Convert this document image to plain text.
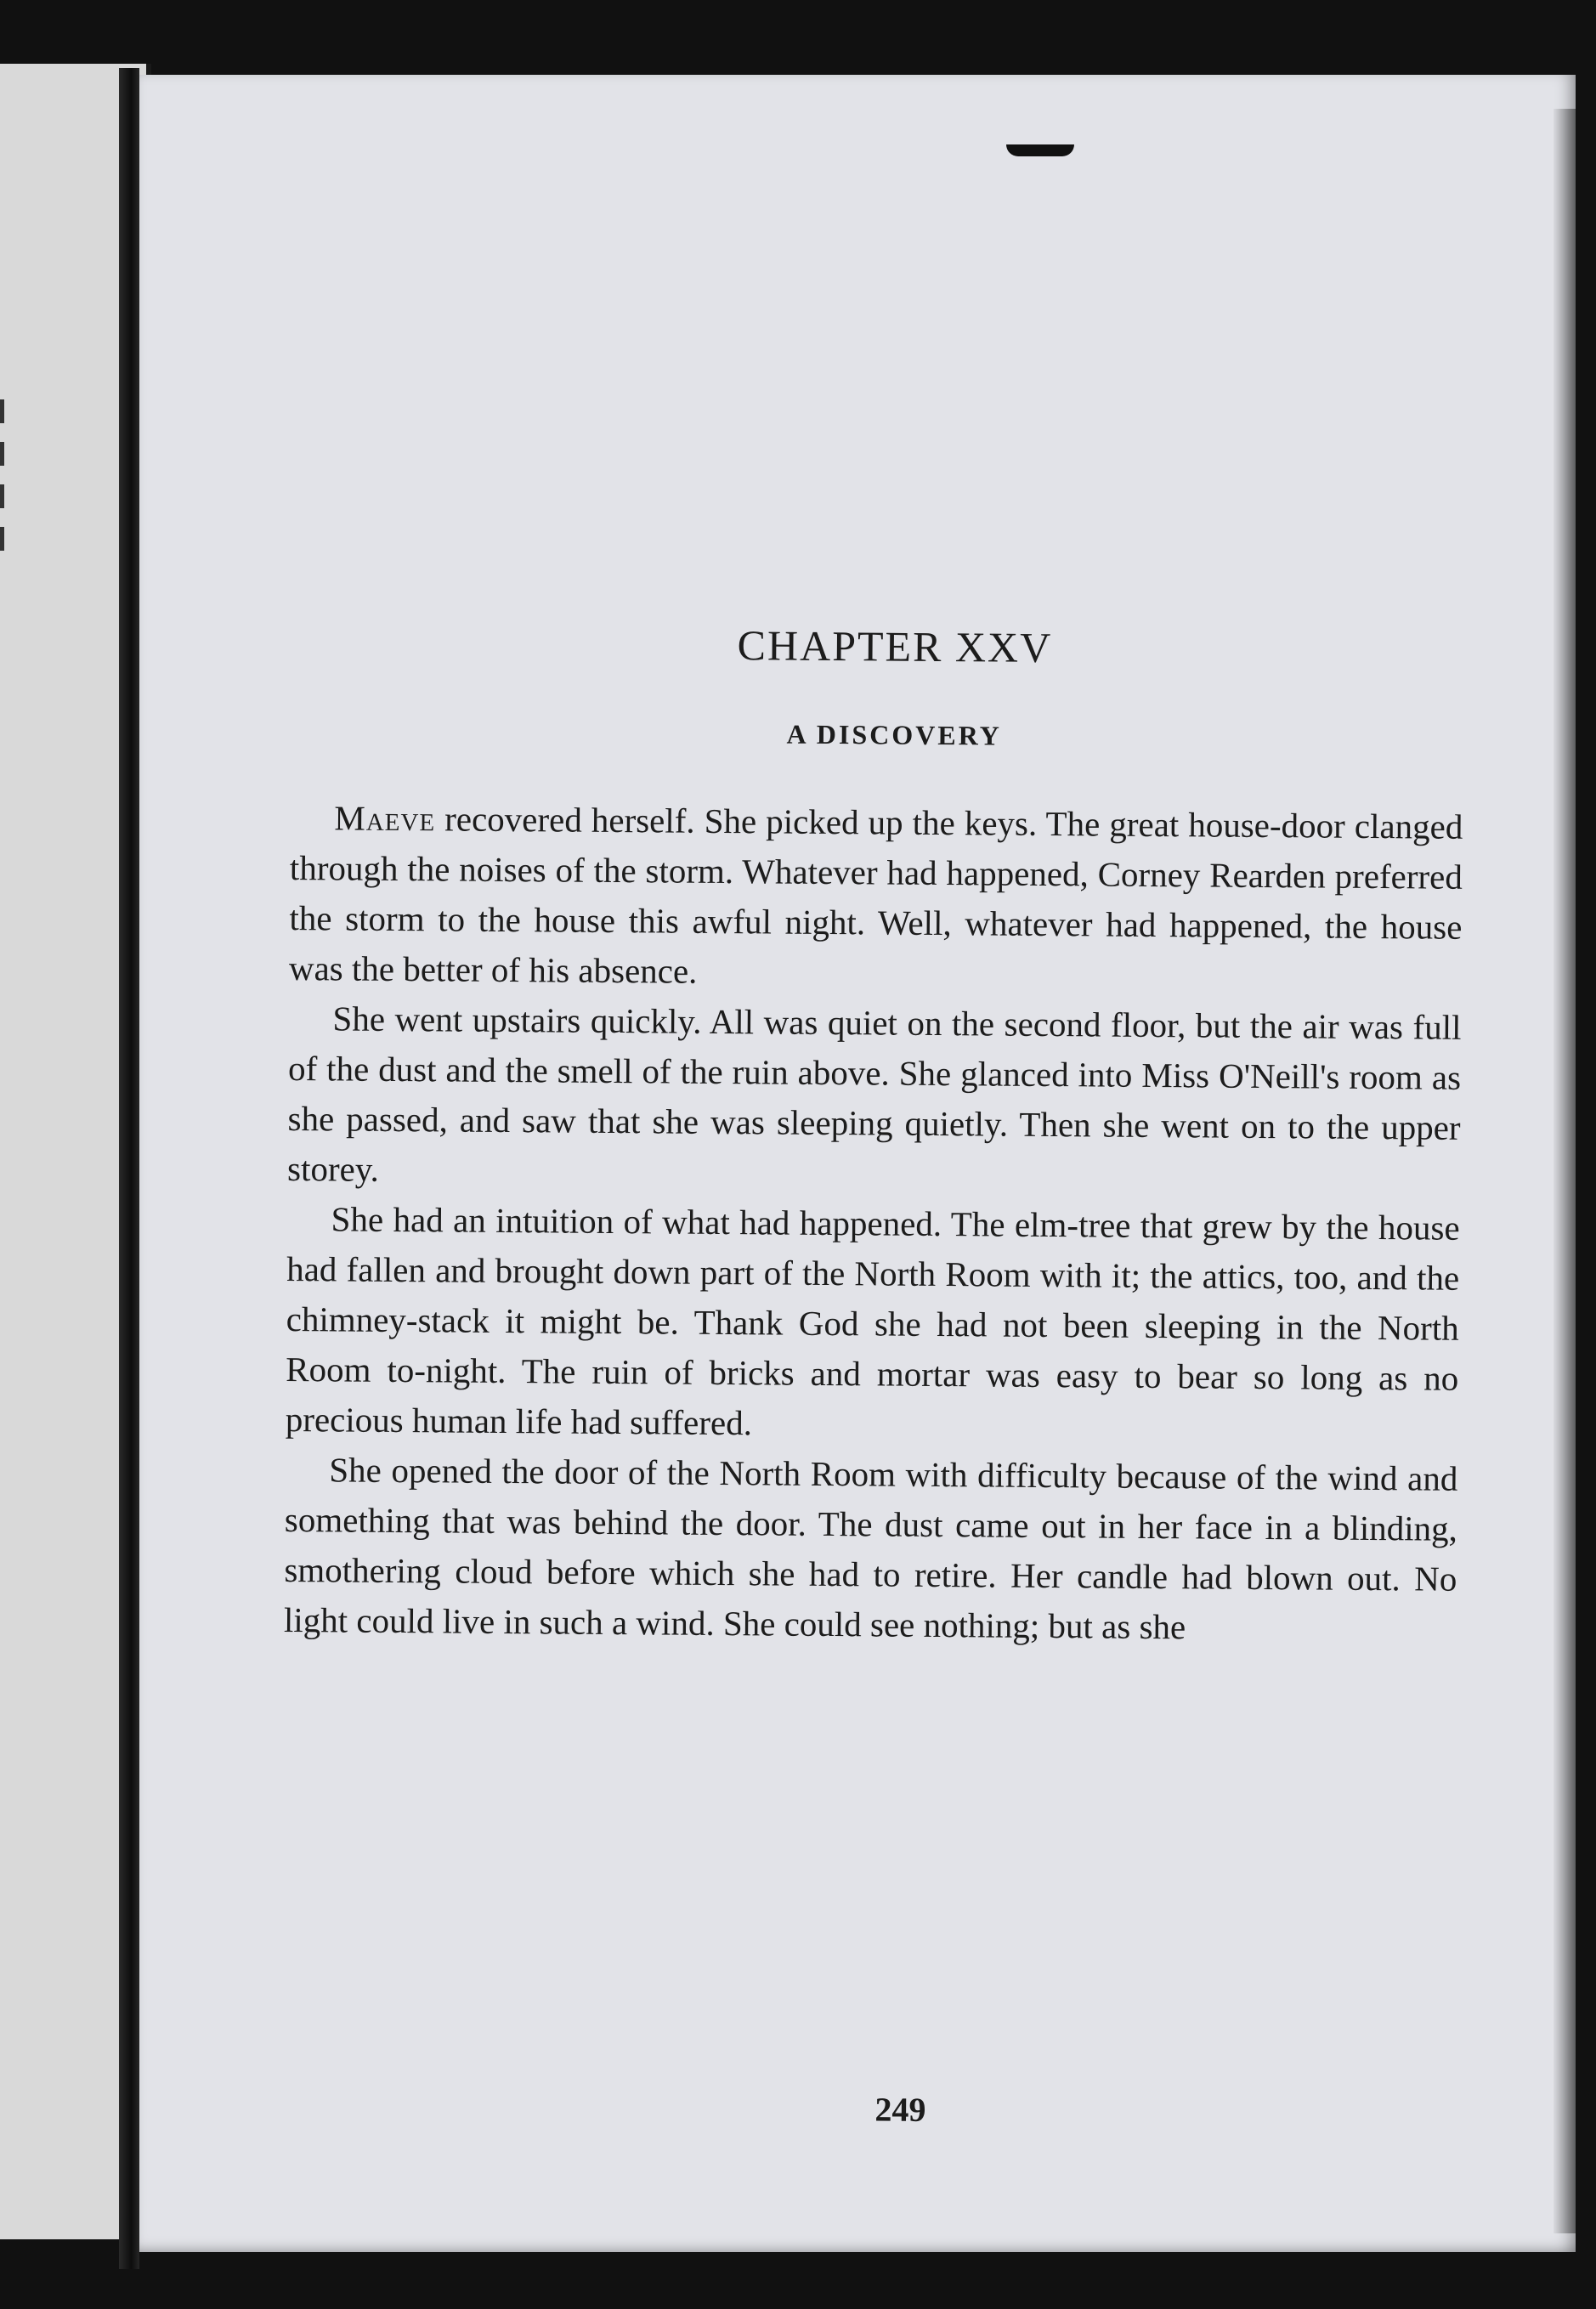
CHAPTER XXV
A DISCOVERY

Maeve recovered herself. She picked up the keys. The great house-door clanged through the noises of the storm. Whatever had happened, Corney Rearden preferred the storm to the house this awful night. Well, whatever had happened, the house was the better of his absence.

She went upstairs quickly. All was quiet on the second floor, but the air was full of the dust and the smell of the ruin above. She glanced into Miss O'Neill's room as she passed, and saw that she was sleeping quietly. Then she went on to the upper storey.

She had an intuition of what had happened. The elm-tree that grew by the house had fallen and brought down part of the North Room with it; the attics, too, and the chimney-stack it might be. Thank God she had not been sleeping in the North Room to-night. The ruin of bricks and mortar was easy to bear so long as no precious human life had suffered.

She opened the door of the North Room with difficulty because of the wind and something that was behind the door. The dust came out in her face in a blinding, smothering cloud before which she had to retire. Her candle had blown out. No light could live in such a wind. She could see nothing; but as she

249
